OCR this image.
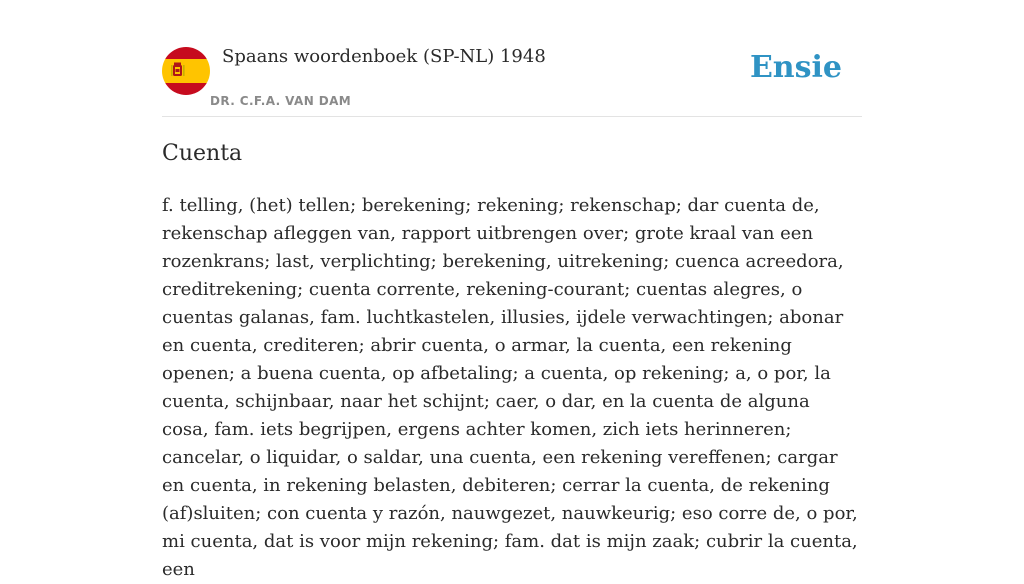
Spaans woordenboek (SP-NL) 1948
DR. C.F.A. VAN DAM
Ensie
Cuenta

f. telling, (het) tellen; berekening; rekening; rekenschap; dar cuenta de, rekenschap afleggen van, rapport uitbrengen over; grote kraal van een rozenkrans; last, verplichting; berekening, uitrekening; cuenca acreedora, creditrekening; cuenta corrente, rekening-courant; cuentas alegres, o cuentas galanas, fam. luchtkastelen, illusies, ijdele verwachtingen; abonar en cuenta, crediteren; abrir cuenta, o armar, la cuenta, een rekening openen; a buena cuenta, op afbetaling; a cuenta, op rekening; a, o por, la cuenta, schijnbaar, naar het schijnt; caer, o dar, en la cuenta de alguna cosa, fam. iets begrijpen, ergens achter komen, zich iets herinneren; cancelar, o liquidar, o saldar, una cuenta, een rekening vereffenen; cargar en cuenta, in rekening belasten, debiteren; cerrar la cuenta, de rekening (af)sluiten; con cuenta y razón, nauwgezet, nauwkeurig; eso corre de, o por, mi cuenta, dat is voor mijn rekening; fam. dat is mijn zaak; cubrir la cuenta, een
